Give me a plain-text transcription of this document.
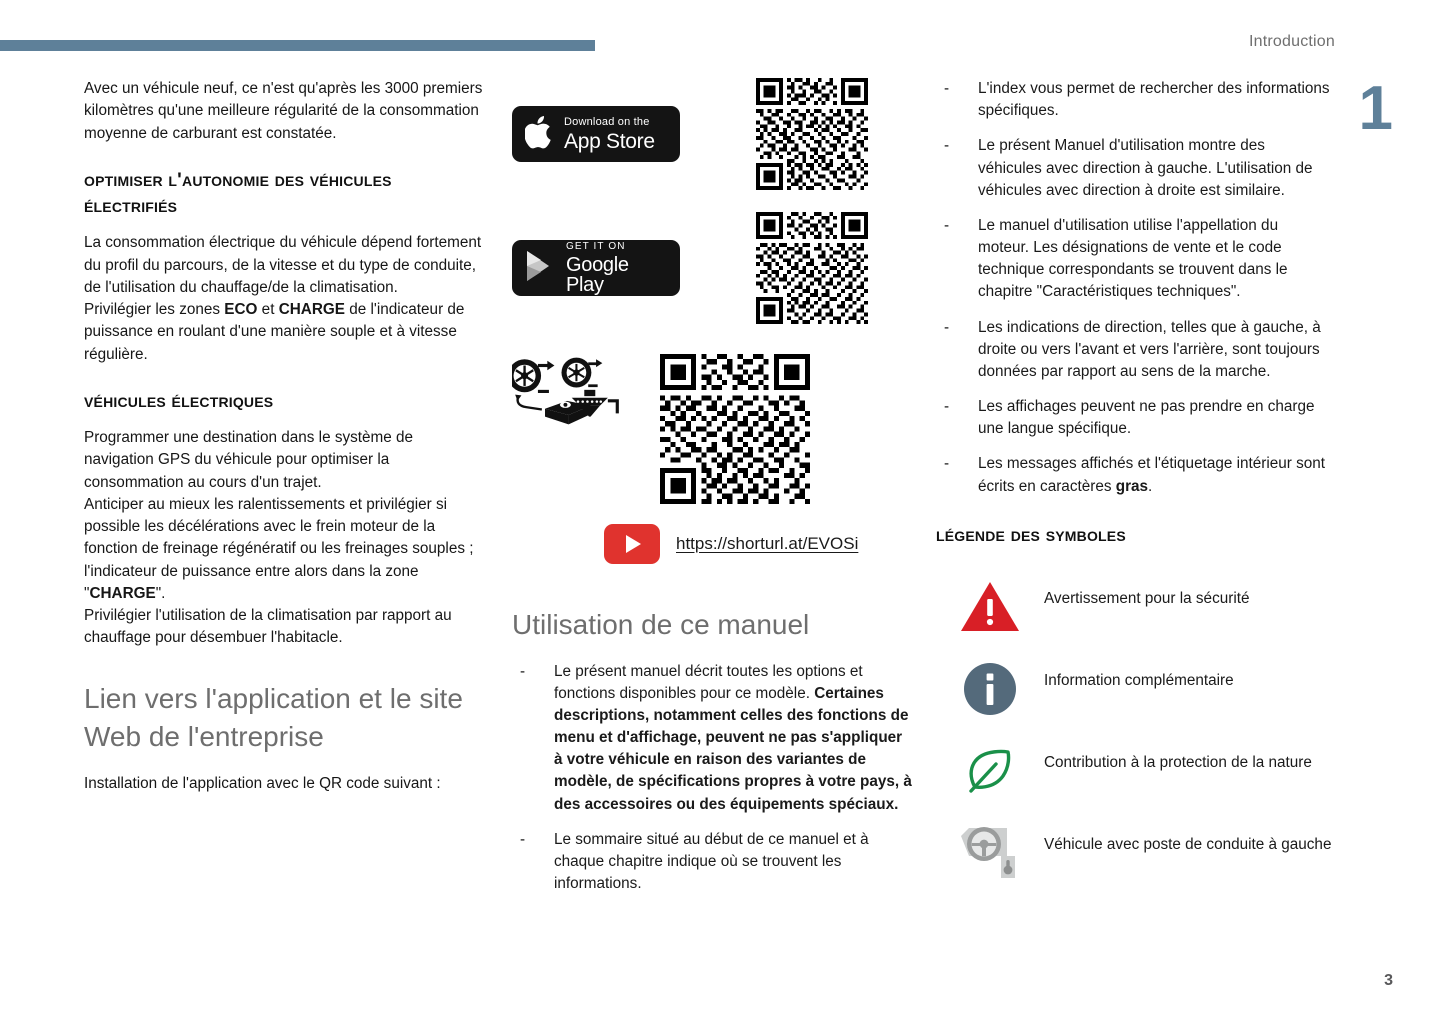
Introduction
1
3

Avec un véhicule neuf, ce n'est qu'après les 3000 premiers kilomètres qu'une meilleure régularité de la consommation moyenne de carburant est constatée.

optimiser l'autonomie des véhicules électrifiés

La consommation électrique du véhicule dépend fortement du profil du parcours, de la vitesse et du type de conduite, de l'utilisation du chauffage/de la climatisation.

Privilégier les zones ECO et CHARGE de l'indicateur de puissance en roulant d'une manière souple et à vitesse régulière.

véhicules électriques

Programmer une destination dans le système de navigation GPS du véhicule pour optimiser la consommation au cours d'un trajet.

Anticiper au mieux les ralentissements et privilégier si possible les décélérations avec le frein moteur de la fonction de freinage régénératif ou les freinages souples ; l'indicateur de puissance entre alors dans la zone "CHARGE".

Privilégier l'utilisation de la climatisation par rapport au chauffage pour désembuer l'habitacle.

Lien vers l'application et le site Web de l'entreprise

Installation de l'application avec le QR code suivant :

Download on the
App Store
GET IT ON
Google Play
https://shorturl.at/EVOSi
Utilisation de ce manuel
- Le présent manuel décrit toutes les options et fonctions disponibles pour ce modèle. Certaines descriptions, notamment celles des fonctions de menu et d'affichage, peuvent ne pas s'appliquer à votre véhicule en raison des variantes de modèle, de spécifications propres à votre pays, à des accessoires ou des équipements spéciaux.
- Le sommaire situé au début de ce manuel et à chaque chapitre indique où se trouvent les informations.
- L'index vous permet de rechercher des informations spécifiques.
- Le présent Manuel d'utilisation montre des véhicules avec direction à gauche. L'utilisation de véhicules avec direction à droite est similaire.
- Le manuel d'utilisation utilise l'appellation du moteur. Les désignations de vente et le code technique correspondants se trouvent dans le chapitre "Caractéristiques techniques".
- Les indications de direction, telles que à gauche, à droite ou vers l'avant et vers l'arrière, sont toujours données par rapport au sens de la marche.
- Les affichages peuvent ne pas prendre en charge une langue spécifique.
- Les messages affichés et l'étiquetage intérieur sont écrits en caractères gras.
légende des symboles
Avertissement pour la sécurité
Information complémentaire
Contribution à la protection de la nature
Véhicule avec poste de conduite à gauche
